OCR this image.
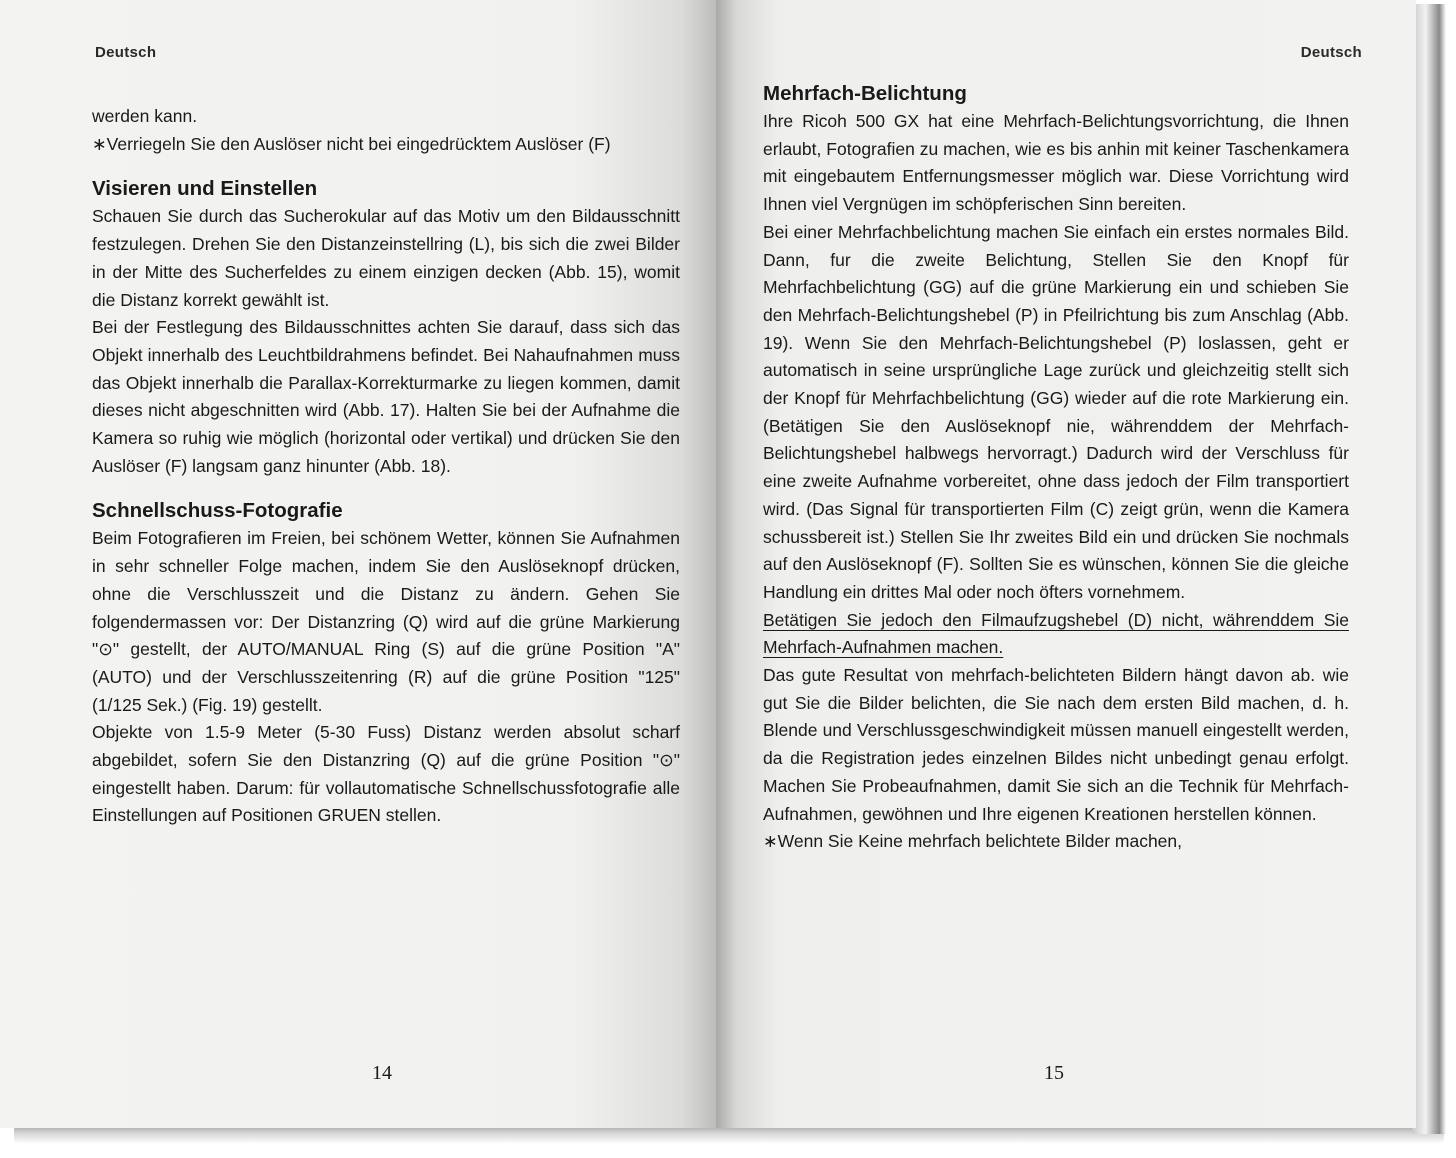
Deutsch

werden kann.

∗Verriegeln Sie den Auslöser nicht bei eingedrücktem Auslöser (F)

Visieren und Einstellen

Schauen Sie durch das Sucherokular auf das Motiv um den Bildausschnitt festzulegen. Drehen Sie den Distanzeinstellring (L), bis sich die zwei Bilder in der Mitte des Sucherfeldes zu einem einzigen decken (Abb. 15), womit die Distanz korrekt gewählt ist.

Bei der Festlegung des Bildausschnittes achten Sie darauf, dass sich das Objekt innerhalb des Leuchtbildrahmens befindet. Bei Nahaufnahmen muss das Objekt innerhalb die Parallax-Korrekturmarke zu liegen kommen, damit dieses nicht abgeschnitten wird (Abb. 17). Halten Sie bei der Aufnahme die Kamera so ruhig wie möglich (horizontal oder vertikal) und drücken Sie den Auslöser (F) langsam ganz hinunter (Abb. 18).

Schnellschuss-Fotografie

Beim Fotografieren im Freien, bei schönem Wetter, können Sie Aufnahmen in sehr schneller Folge machen, indem Sie den Auslöseknopf drücken, ohne die Verschlusszeit und die Distanz zu ändern. Gehen Sie folgendermassen vor: Der Distanzring (Q) wird auf die grüne Markierung "⊙" gestellt, der AUTO/MANUAL Ring (S) auf die grüne Position "A" (AUTO) und der Verschlusszeitenring (R) auf die grüne Position "125" (1/125 Sek.) (Fig. 19) gestellt.

Objekte von 1.5-9 Meter (5-30 Fuss) Distanz werden absolut scharf abgebildet, sofern Sie den Distanzring (Q) auf die grüne Position "⊙" eingestellt haben. Darum: für vollautomatische Schnellschussfotografie alle Einstellungen auf Positionen GRUEN stellen.

14
Deutsch
Mehrfach-Belichtung

Ihre Ricoh 500 GX hat eine Mehrfach-Belichtungsvorrichtung, die Ihnen erlaubt, Fotografien zu machen, wie es bis anhin mit keiner Taschenkamera mit eingebautem Entfernungsmesser möglich war. Diese Vorrichtung wird Ihnen viel Vergnügen im schöpferischen Sinn bereiten.

Bei einer Mehrfachbelichtung machen Sie einfach ein erstes normales Bild. Dann, fur die zweite Belichtung, Stellen Sie den Knopf für Mehrfachbelichtung (GG) auf die grüne Markierung ein und schieben Sie den Mehrfach-Belichtungshebel (P) in Pfeilrichtung bis zum Anschlag (Abb. 19). Wenn Sie den Mehrfach-Belichtungshebel (P) loslassen, geht er automatisch in seine ursprüngliche Lage zurück und gleichzeitig stellt sich der Knopf für Mehrfachbelichtung (GG) wieder auf die rote Markierung ein. (Betätigen Sie den Auslöseknopf nie, währenddem der Mehrfach-Belichtungshebel halbwegs hervorragt.) Dadurch wird der Verschluss für eine zweite Aufnahme vorbereitet, ohne dass jedoch der Film transportiert wird. (Das Signal für transportierten Film (C) zeigt grün, wenn die Kamera schussbereit ist.) Stellen Sie Ihr zweites Bild ein und drücken Sie nochmals auf den Auslöseknopf (F). Sollten Sie es wünschen, können Sie die gleiche Handlung ein drittes Mal oder noch öfters vornehmem.

Betätigen Sie jedoch den Filmaufzugshebel (D) nicht, währenddem Sie Mehrfach-Aufnahmen machen.

Das gute Resultat von mehrfach-belichteten Bildern hängt davon ab. wie gut Sie die Bilder belichten, die Sie nach dem ersten Bild machen, d. h. Blende und Verschlussgeschwindigkeit müssen manuell eingestellt werden, da die Registration jedes einzelnen Bildes nicht unbedingt genau erfolgt. Machen Sie Probeaufnahmen, damit Sie sich an die Technik für Mehrfach-Aufnahmen, gewöhnen und Ihre eigenen Kreationen herstellen können.

∗Wenn Sie Keine mehrfach belichtete Bilder machen,

15
